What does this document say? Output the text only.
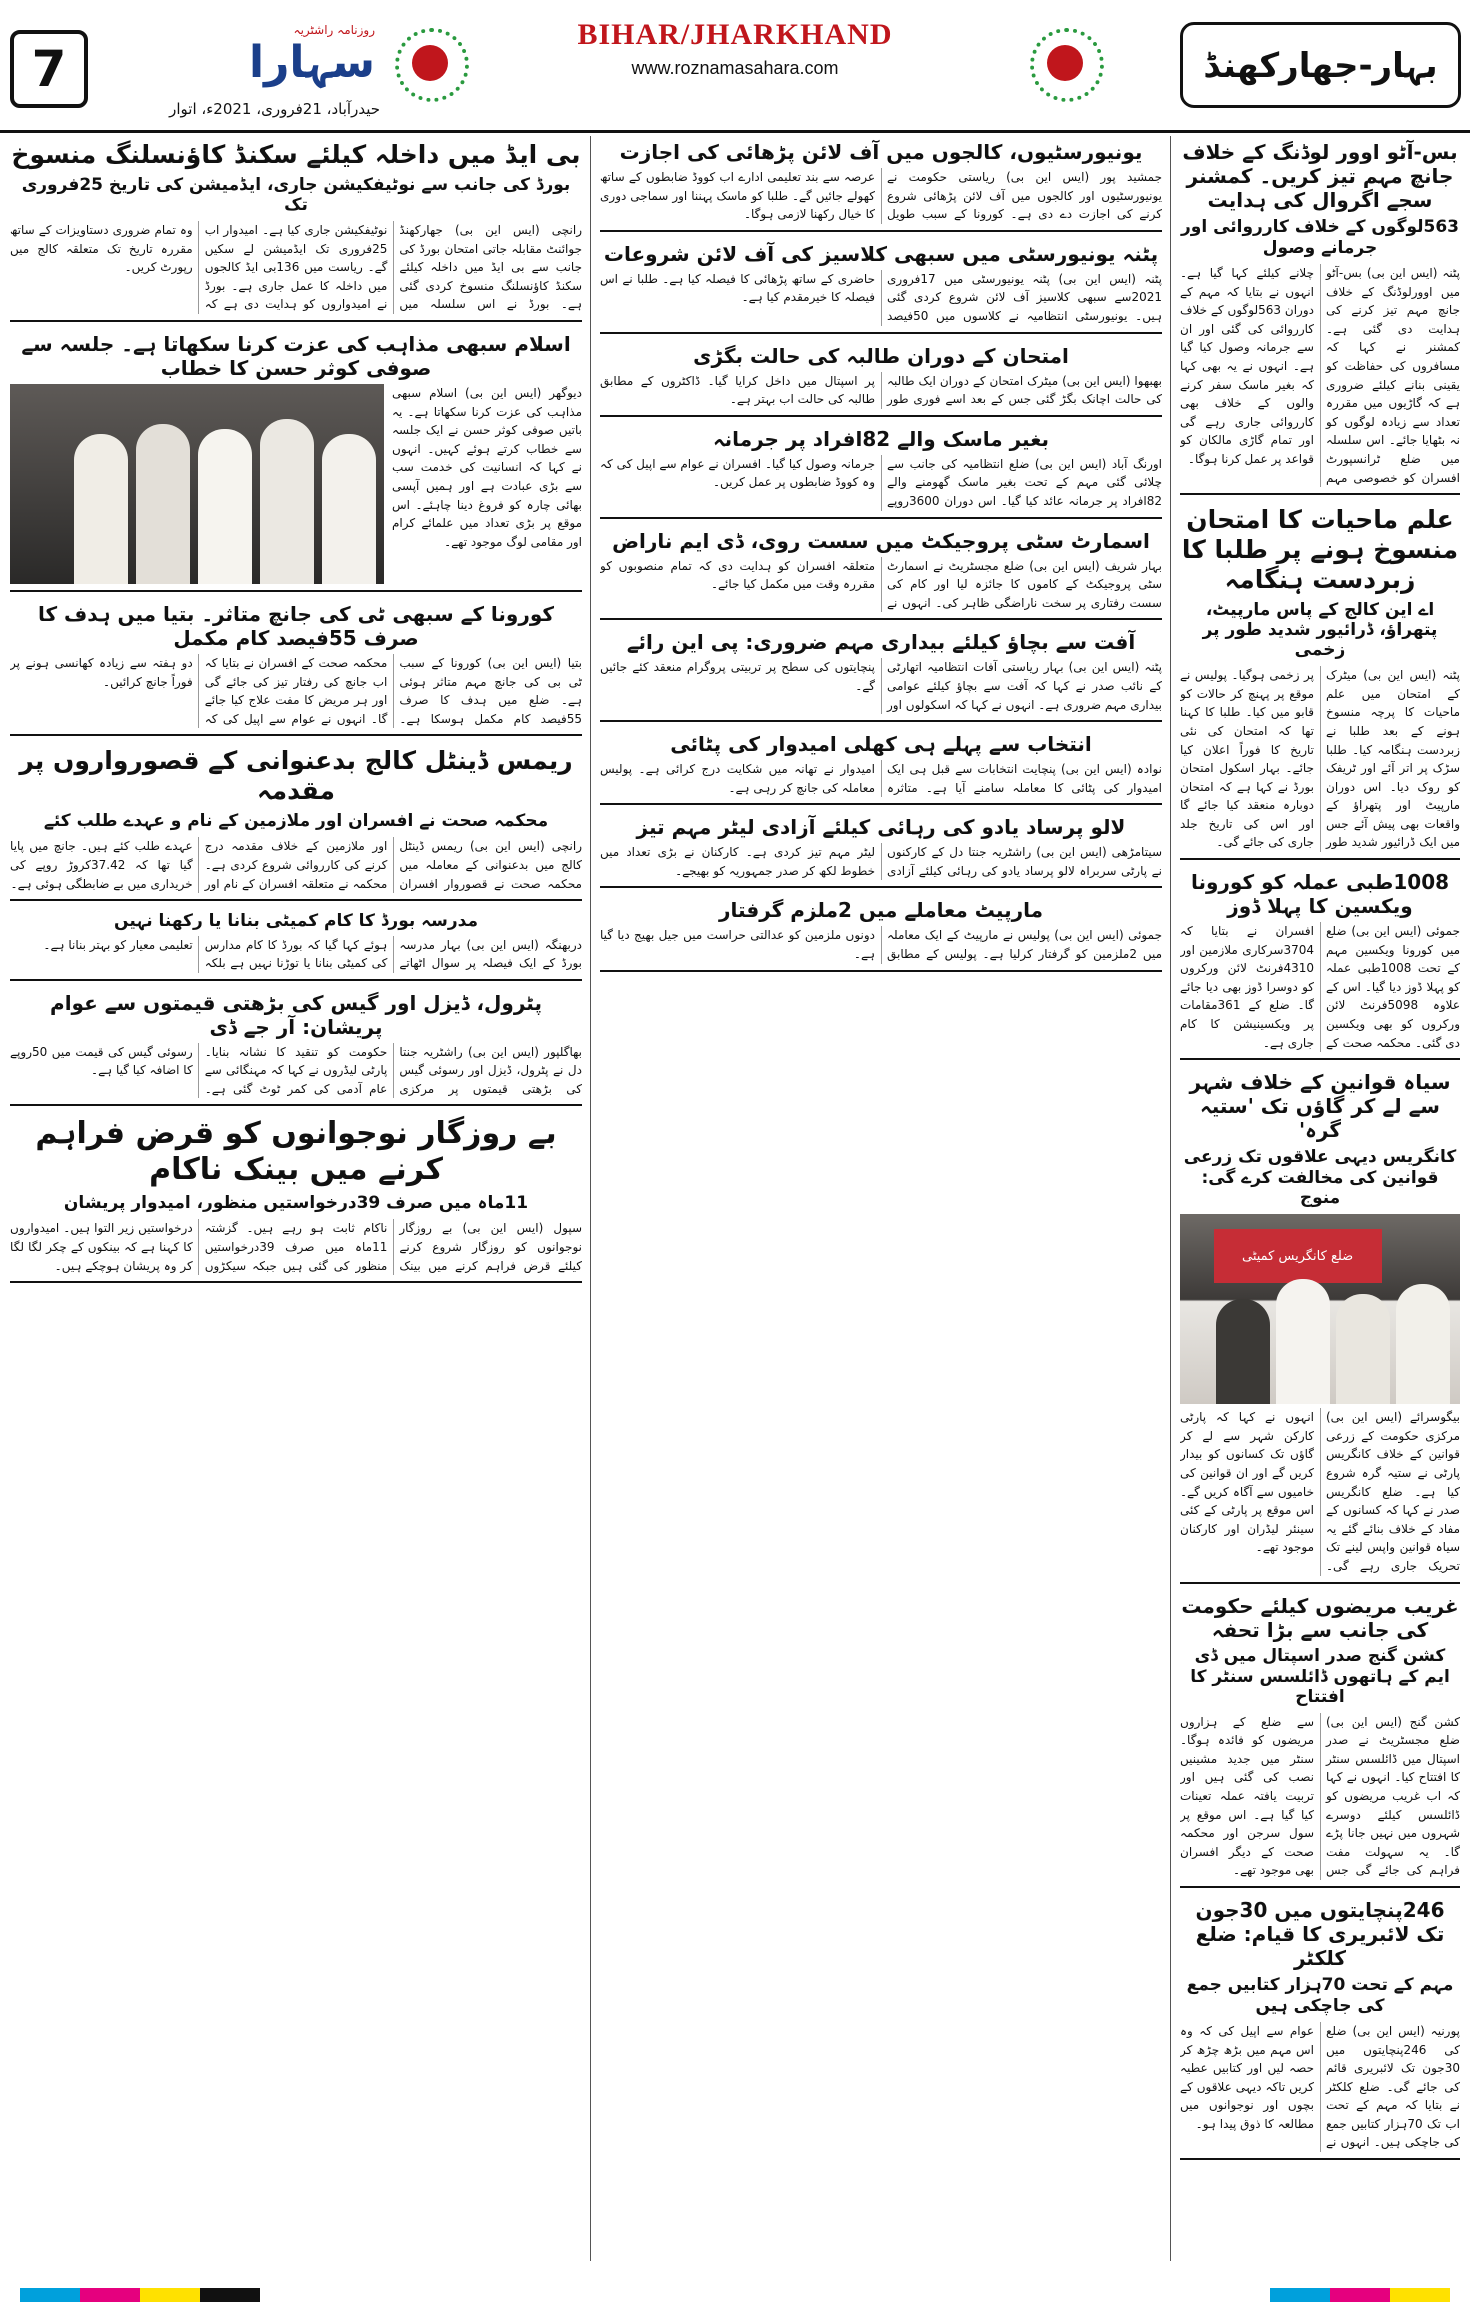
7
روزنامہ راشٹریہ
سہارا
حیدرآباد، 21فروری، 2021ء، اتوار
BIHAR/JHARKHAND
www.roznamasahara.com	بہار-جھارکھنڈ
بس-آٹو اوور لوڈنگ کے خلاف جانچ مہم تیز کریں۔ کمشنر سجے اگروال کی ہدایت
563لوگوں کے خلاف کارروائی اور جرمانے وصول
پٹنہ (ایس این بی) بس-آٹو میں اوورلوڈنگ کے خلاف جانچ مہم تیز کرنے کی ہدایت دی گئی ہے۔ کمشنر نے کہا کہ مسافروں کی حفاظت کو یقینی بنانے کیلئے ضروری ہے کہ گاڑیوں میں مقررہ تعداد سے زیادہ لوگوں کو نہ بٹھایا جائے۔ اس سلسلہ میں ضلع ٹرانسپورٹ افسران کو خصوصی مہم چلانے کیلئے کہا گیا ہے۔ انہوں نے بتایا کہ مہم کے دوران 563لوگوں کے خلاف کارروائی کی گئی اور ان سے جرمانہ وصول کیا گیا ہے۔ انہوں نے یہ بھی کہا کہ بغیر ماسک سفر کرنے والوں کے خلاف بھی کارروائی جاری رہے گی اور تمام گاڑی مالکان کو قواعد پر عمل کرنا ہوگا۔
علم ماحیات کا امتحان منسوخ ہونے پر طلبا کا زبردست ہنگامہ
اے این کالج کے پاس مارپیٹ، پتھراؤ، ڈرائیور شدید طور پر زخمی
پٹنہ (ایس این بی) میٹرک کے امتحان میں علم ماحیات کا پرچہ منسوخ ہونے کے بعد طلبا نے زبردست ہنگامہ کیا۔ طلبا سڑک پر اتر آئے اور ٹریفک کو روک دیا۔ اس دوران مارپیٹ اور پتھراؤ کے واقعات بھی پیش آئے جس میں ایک ڈرائیور شدید طور پر زخمی ہوگیا۔ پولیس نے موقع پر پہنچ کر حالات کو قابو میں کیا۔ طلبا کا کہنا تھا کہ امتحان کی نئی تاریخ کا فوراً اعلان کیا جائے۔ بہار اسکول امتحان بورڈ نے کہا ہے کہ امتحان دوبارہ منعقد کیا جائے گا اور اس کی تاریخ جلد جاری کی جائے گی۔
1008طبی عملہ کو کورونا ویکسین کا پہلا ڈوز
جموئی (ایس این بی) ضلع میں کورونا ویکسین مہم کے تحت 1008طبی عملہ کو پہلا ڈوز دیا گیا۔ اس کے علاوہ 5098فرنٹ لائن ورکروں کو بھی ویکسین دی گئی۔ محکمہ صحت کے افسران نے بتایا کہ 3704سرکاری ملازمین اور 4310فرنٹ لائن ورکروں کو دوسرا ڈوز بھی دیا جائے گا۔ ضلع کے 361مقامات پر ویکسینیشن کا کام جاری ہے۔
سیاہ قوانین کے خلاف شہر سے لے کر گاؤں تک 'ستیہ گرہ'
کانگریس دیہی علاقوں تک زرعی قوانین کی مخالفت کرے گی: منوج
ضلع کانگریس کمیٹی
بیگوسرائے (ایس این بی) مرکزی حکومت کے زرعی قوانین کے خلاف کانگریس پارٹی نے ستیہ گرہ شروع کیا ہے۔ ضلع کانگریس صدر نے کہا کہ کسانوں کے مفاد کے خلاف بنائے گئے یہ سیاہ قوانین واپس لینے تک تحریک جاری رہے گی۔ انہوں نے کہا کہ پارٹی کارکن شہر سے لے کر گاؤں تک کسانوں کو بیدار کریں گے اور ان قوانین کی خامیوں سے آگاہ کریں گے۔ اس موقع پر پارٹی کے کئی سینئر لیڈران اور کارکنان موجود تھے۔
غریب مریضوں کیلئے حکومت کی جانب سے بڑا تحفہ
کشن گنج صدر اسپتال میں ڈی ایم کے ہاتھوں ڈائلسس سنٹر کا افتتاح
کشن گنج (ایس این بی) ضلع مجسٹریٹ نے صدر اسپتال میں ڈائلسس سنٹر کا افتتاح کیا۔ انہوں نے کہا کہ اب غریب مریضوں کو ڈائلسس کیلئے دوسرے شہروں میں نہیں جانا پڑے گا۔ یہ سہولت مفت فراہم کی جائے گی جس سے ضلع کے ہزاروں مریضوں کو فائدہ ہوگا۔ سنٹر میں جدید مشینیں نصب کی گئی ہیں اور تربیت یافتہ عملہ تعینات کیا گیا ہے۔ اس موقع پر سول سرجن اور محکمہ صحت کے دیگر افسران بھی موجود تھے۔
246پنچایتوں میں 30جون تک لائبریری کا قیام: ضلع کلکٹر
مہم کے تحت 70ہزار کتابیں جمع کی جاچکی ہیں
پورنیہ (ایس این بی) ضلع کی 246پنچایتوں میں 30جون تک لائبریری قائم کی جائے گی۔ ضلع کلکٹر نے بتایا کہ مہم کے تحت اب تک 70ہزار کتابیں جمع کی جاچکی ہیں۔ انہوں نے عوام سے اپیل کی کہ وہ اس مہم میں بڑھ چڑھ کر حصہ لیں اور کتابیں عطیہ کریں تاکہ دیہی علاقوں کے بچوں اور نوجوانوں میں مطالعہ کا ذوق پیدا ہو۔
یونیورسٹیوں، کالجوں میں آف لائن پڑھائی کی اجازت
جمشید پور (ایس این بی) ریاستی حکومت نے یونیورسٹیوں اور کالجوں میں آف لائن پڑھائی شروع کرنے کی اجازت دے دی ہے۔ کورونا کے سبب طویل عرصہ سے بند تعلیمی ادارے اب کووڈ ضابطوں کے ساتھ کھولے جائیں گے۔ طلبا کو ماسک پہننا اور سماجی دوری کا خیال رکھنا لازمی ہوگا۔
پٹنہ یونیورسٹی میں سبھی کلاسیز کی آف لائن شروعات
پٹنہ (ایس این بی) پٹنہ یونیورسٹی میں 17فروری 2021سے سبھی کلاسیز آف لائن شروع کردی گئی ہیں۔ یونیورسٹی انتظامیہ نے کلاسوں میں 50فیصد حاضری کے ساتھ پڑھائی کا فیصلہ کیا ہے۔ طلبا نے اس فیصلہ کا خیرمقدم کیا ہے۔
امتحان کے دوران طالبہ کی حالت بگڑی
بھبھوا (ایس این بی) میٹرک امتحان کے دوران ایک طالبہ کی حالت اچانک بگڑ گئی جس کے بعد اسے فوری طور پر اسپتال میں داخل کرایا گیا۔ ڈاکٹروں کے مطابق طالبہ کی حالت اب بہتر ہے۔
بغیر ماسک والے 82افراد پر جرمانہ
اورنگ آباد (ایس این بی) ضلع انتظامیہ کی جانب سے چلائی گئی مہم کے تحت بغیر ماسک گھومنے والے 82افراد پر جرمانہ عائد کیا گیا۔ اس دوران 3600روپے جرمانہ وصول کیا گیا۔ افسران نے عوام سے اپیل کی کہ وہ کووڈ ضابطوں پر عمل کریں۔
اسمارٹ سٹی پروجیکٹ میں سست روی، ڈی ایم ناراض
بہار شریف (ایس این بی) ضلع مجسٹریٹ نے اسمارٹ سٹی پروجیکٹ کے کاموں کا جائزہ لیا اور کام کی سست رفتاری پر سخت ناراضگی ظاہر کی۔ انہوں نے متعلقہ افسران کو ہدایت دی کہ تمام منصوبوں کو مقررہ وقت میں مکمل کیا جائے۔
آفت سے بچاؤ کیلئے بیداری مہم ضروری: پی این رائے
پٹنہ (ایس این بی) بہار ریاستی آفات انتظامیہ اتھارٹی کے نائب صدر نے کہا کہ آفت سے بچاؤ کیلئے عوامی بیداری مہم ضروری ہے۔ انہوں نے کہا کہ اسکولوں اور پنچایتوں کی سطح پر تربیتی پروگرام منعقد کئے جائیں گے۔
انتخاب سے پہلے ہی کھلی امیدوار کی پٹائی
نوادہ (ایس این بی) پنچایت انتخابات سے قبل ہی ایک امیدوار کی پٹائی کا معاملہ سامنے آیا ہے۔ متاثرہ امیدوار نے تھانہ میں شکایت درج کرائی ہے۔ پولیس معاملہ کی جانچ کر رہی ہے۔
لالو پرساد یادو کی رہائی کیلئے آزادی لیٹر مہم تیز
سیتامڑھی (ایس این بی) راشٹریہ جنتا دل کے کارکنوں نے پارٹی سربراہ لالو پرساد یادو کی رہائی کیلئے آزادی لیٹر مہم تیز کردی ہے۔ کارکنان نے بڑی تعداد میں خطوط لکھ کر صدر جمہوریہ کو بھیجے۔
مارپیٹ معاملے میں 2ملزم گرفتار
جموئی (ایس این بی) پولیس نے مارپیٹ کے ایک معاملہ میں 2ملزمین کو گرفتار کرلیا ہے۔ پولیس کے مطابق دونوں ملزمین کو عدالتی حراست میں جیل بھیج دیا گیا ہے۔
بی ایڈ میں داخلہ کیلئے سکنڈ کاؤنسلنگ منسوخ
بورڈ کی جانب سے نوٹیفکیشن جاری، ایڈمیشن کی تاریخ 25فروری تک
رانچی (ایس این بی) جھارکھنڈ جوائنٹ مقابلہ جاتی امتحان بورڈ کی جانب سے بی ایڈ میں داخلہ کیلئے سکنڈ کاؤنسلنگ منسوخ کردی گئی ہے۔ بورڈ نے اس سلسلہ میں نوٹیفکیشن جاری کیا ہے۔ امیدوار اب 25فروری تک ایڈمیشن لے سکیں گے۔ ریاست میں 136بی ایڈ کالجوں میں داخلہ کا عمل جاری ہے۔ بورڈ نے امیدواروں کو ہدایت دی ہے کہ وہ تمام ضروری دستاویزات کے ساتھ مقررہ تاریخ تک متعلقہ کالج میں رپورٹ کریں۔
اسلام سبھی مذاہب کی عزت کرنا سکھاتا ہے۔ جلسہ سے صوفی کوثر حسن کا خطاب
دیوگھر (ایس این بی) اسلام سبھی مذاہب کی عزت کرنا سکھاتا ہے۔ یہ باتیں صوفی کوثر حسن نے ایک جلسہ سے خطاب کرتے ہوئے کہیں۔ انہوں نے کہا کہ انسانیت کی خدمت سب سے بڑی عبادت ہے اور ہمیں آپسی بھائی چارہ کو فروغ دینا چاہئے۔ اس موقع پر بڑی تعداد میں علمائے کرام اور مقامی لوگ موجود تھے۔
کورونا کے سبھی ٹی کی جانچ متاثر۔ بتیا میں ہدف کا صرف 55فیصد کام مکمل
بتیا (ایس این بی) کورونا کے سبب ٹی بی کی جانچ مہم متاثر ہوئی ہے۔ ضلع میں ہدف کا صرف 55فیصد کام مکمل ہوسکا ہے۔ محکمہ صحت کے افسران نے بتایا کہ اب جانچ کی رفتار تیز کی جائے گی اور ہر مریض کا مفت علاج کیا جائے گا۔ انہوں نے عوام سے اپیل کی کہ دو ہفتہ سے زیادہ کھانسی ہونے پر فوراً جانچ کرائیں۔
ریمس ڈینٹل کالج بدعنوانی کے قصورواروں پر مقدمہ
محکمہ صحت نے افسران اور ملازمین کے نام و عہدے طلب کئے
رانچی (ایس این بی) ریمس ڈینٹل کالج میں بدعنوانی کے معاملہ میں محکمہ صحت نے قصوروار افسران اور ملازمین کے خلاف مقدمہ درج کرنے کی کارروائی شروع کردی ہے۔ محکمہ نے متعلقہ افسران کے نام اور عہدے طلب کئے ہیں۔ جانچ میں پایا گیا تھا کہ 37.42کروڑ روپے کی خریداری میں بے ضابطگی ہوئی ہے۔
مدرسہ بورڈ کا کام کمیٹی بنانا یا رکھنا نہیں
دربھنگہ (ایس این بی) بہار مدرسہ بورڈ کے ایک فیصلہ پر سوال اٹھاتے ہوئے کہا گیا کہ بورڈ کا کام مدارس کی کمیٹی بنانا یا توڑنا نہیں ہے بلکہ تعلیمی معیار کو بہتر بنانا ہے۔
پٹرول، ڈیزل اور گیس کی بڑھتی قیمتوں سے عوام پریشان: آر جے ڈی
بھاگلپور (ایس این بی) راشٹریہ جنتا دل نے پٹرول، ڈیزل اور رسوئی گیس کی بڑھتی قیمتوں پر مرکزی حکومت کو تنقید کا نشانہ بنایا۔ پارٹی لیڈروں نے کہا کہ مہنگائی سے عام آدمی کی کمر ٹوٹ گئی ہے۔ رسوئی گیس کی قیمت میں 50روپے کا اضافہ کیا گیا ہے۔
بے روزگار نوجوانوں کو قرض فراہم کرنے میں بینک ناکام
11ماہ میں صرف 39درخواستیں منظور، امیدوار پریشان
سپول (ایس این بی) بے روزگار نوجوانوں کو روزگار شروع کرنے کیلئے قرض فراہم کرنے میں بینک ناکام ثابت ہو رہے ہیں۔ گزشتہ 11ماہ میں صرف 39درخواستیں منظور کی گئی ہیں جبکہ سیکڑوں درخواستیں زیر التوا ہیں۔ امیدواروں کا کہنا ہے کہ بینکوں کے چکر لگا لگا کر وہ پریشان ہوچکے ہیں۔
